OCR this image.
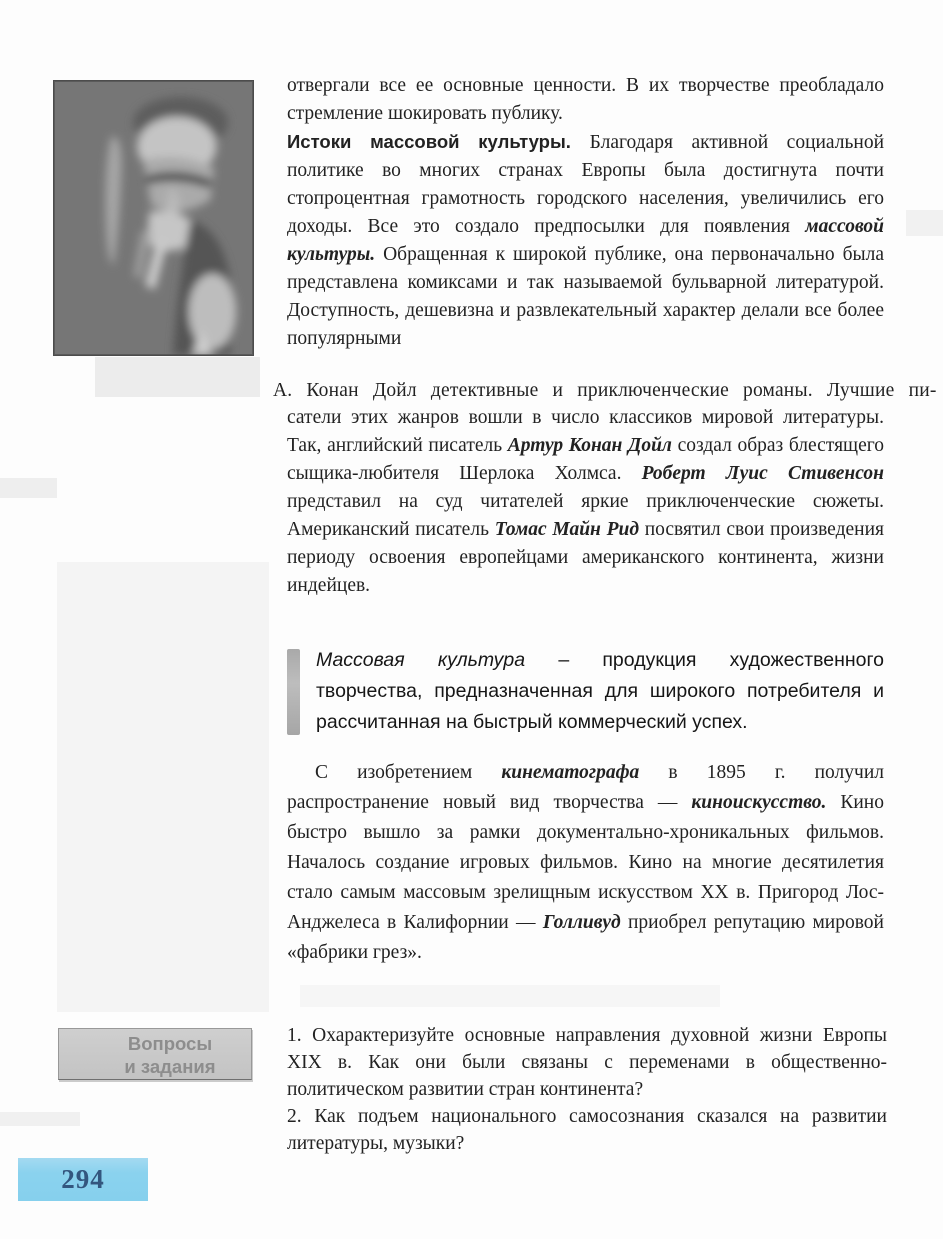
отвергали все ее основные ценности. В их творчестве преобладало стремление шокировать публику.

Истоки массовой культуры. Благодаря активной социальной политике во многих странах Европы была достигнута почти стопроцентная грамотность городского населения, увеличились его доходы. Все это создало предпосылки для появления массовой культуры. Обращенная к широкой публике, она первоначально была представлена комиксами и так называемой бульварной литературой. Доступность, дешевизна и развлекательный характер делали все более популярными

А. Конан Дойл детективные и приключенческие романы. Лучшие пи-

сатели этих жанров вошли в число классиков мировой литературы. Так, английский писатель Артур Конан Дойл создал образ блестящего сыщика-любителя Шерлока Холмса. Роберт Луис Стивенсон представил на суд читателей яркие приключенческие сюжеты. Американский писатель Томас Майн Рид посвятил свои произведения периоду освоения европейцами американского континента, жизни индейцев.

Массовая культура – продукция художественного творчества, предназначенная для широкого потребителя и рассчитанная на быстрый коммерческий успех.

С изобретением кинематографа в 1895 г. получил распространение новый вид творчества — киноискусство. Кино быстро вышло за рамки документально-хроникальных фильмов. Началось создание игровых фильмов. Кино на многие десятилетия стало самым массовым зрелищным искусством XX в. Пригород Лос-Анджелеса в Калифорнии — Голливуд приобрел репутацию мировой «фабрики грез».

Вопросы
и задания

1. Охарактеризуйте основные направления духовной жизни Европы XIX в. Как они были связаны с переменами в общественно-политическом развитии стран континента?

2. Как подъем национального самосознания сказался на развитии литературы, музыки?

294
